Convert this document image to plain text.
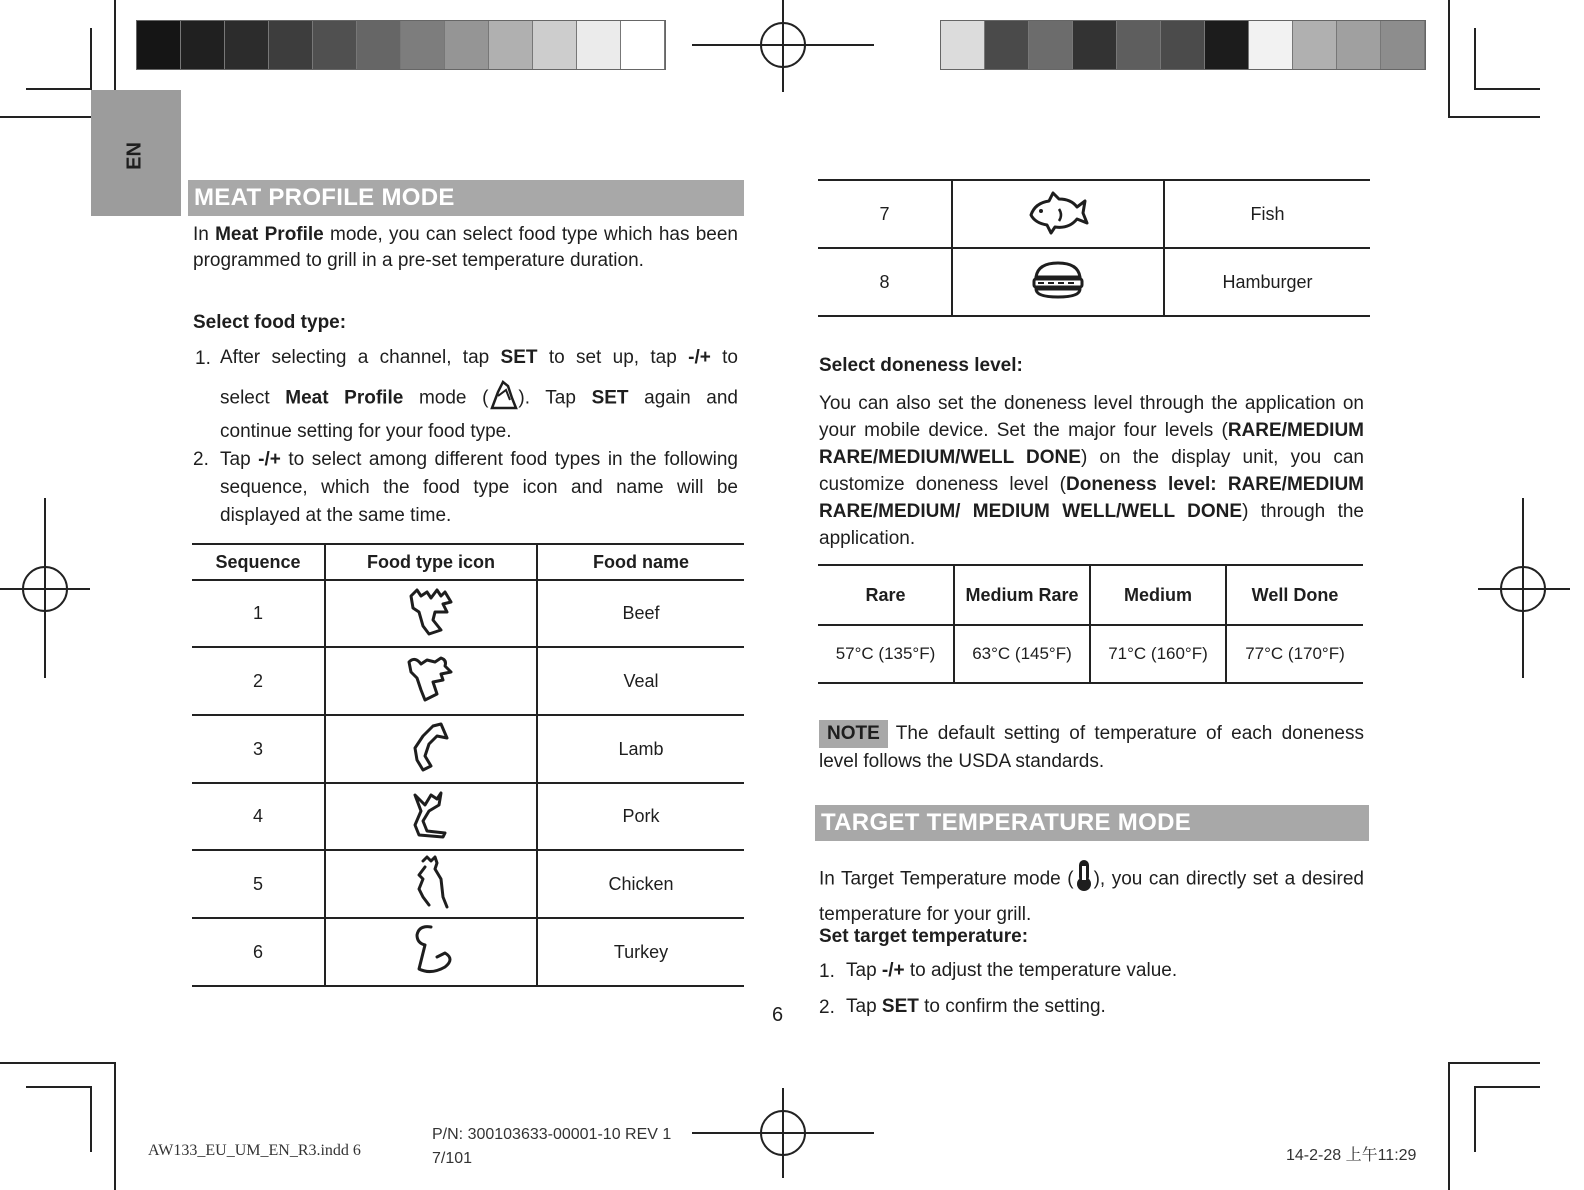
EN
MEAT PROFILE MODE
In Meat Profile mode, you can select food type which has been programmed to grill in a pre-set temperature duration.
Select food type:
1. After selecting a channel, tap SET to set up, tap -/+ to
select Meat Profile mode ( ). Tap SET again and
continue setting for your food type.
2. Tap -/+ to select among different food types in the following sequence, which the food type icon and name will be displayed at the same time.
Sequence	Food type icon	Food name
1		Beef
2		Veal
3		Lamb
4		Pork
5		Chicken
6		Turkey
6
7		Fish
8		Hamburger
Select doneness level:
You can also set the doneness level through the application on your mobile device. Set the major four levels (RARE/MEDIUM RARE/MEDIUM/WELL DONE) on the display unit, you can customize doneness level (Doneness level: RARE/MEDIUM RARE/MEDIUM/ MEDIUM WELL/WELL DONE) through the application.
Rare	Medium Rare	Medium	Well Done
57°C (135°F)	63°C (145°F)	71°C (160°F)	77°C (170°F)
NOTE The default setting of temperature of each doneness level follows the USDA standards.
TARGET TEMPERATURE MODE
In Target Temperature mode ( ), you can directly set a desired temperature for your grill.
Set target temperature:
1. Tap -/+ to adjust the temperature value.
2. Tap SET to confirm the setting.
AW133_EU_UM_EN_R3.indd 6
P/N: 300103633-00001-10 REV 1
7/101	14-2-28 上午11:29
